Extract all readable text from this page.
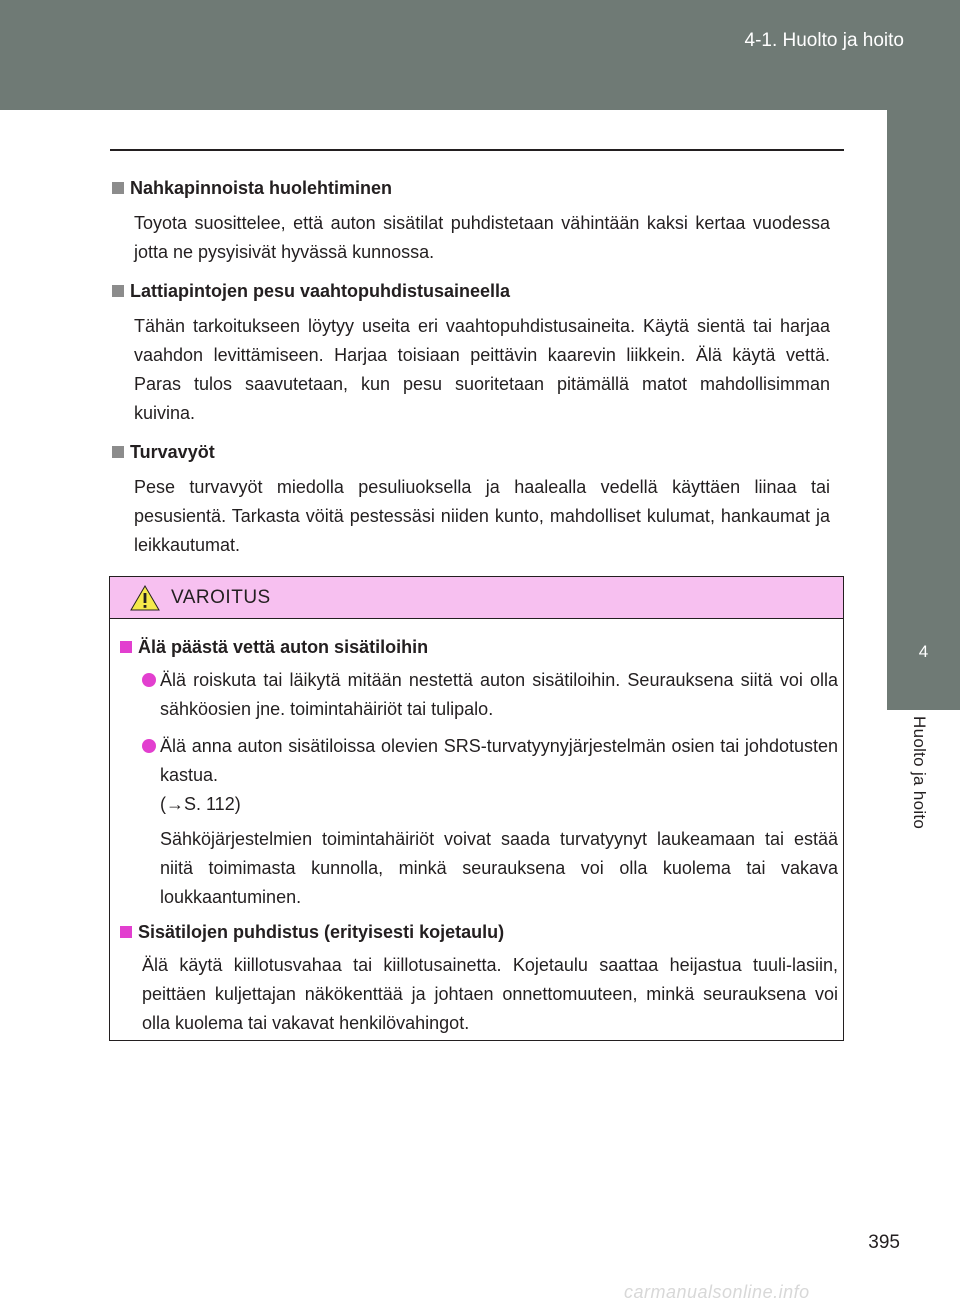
4-1. Huolto ja hoito
4
Huolto ja hoito
Nahkapinnoista huolehtiminen
Toyota suosittelee, että auton sisätilat puhdistetaan vähintään kaksi kertaa vuodessa jotta ne pysyisivät hyvässä kunnossa.
Lattiapintojen pesu vaahtopuhdistusaineella
Tähän tarkoitukseen löytyy useita eri vaahtopuhdistusaineita. Käytä sientä tai harjaa vaahdon levittämiseen. Harjaa toisiaan peittävin kaarevin liikkein. Älä käytä vettä. Paras tulos saavutetaan, kun pesu suoritetaan pitämällä matot mahdollisimman kuivina.
Turvavyöt
Pese turvavyöt miedolla pesuliuoksella ja haalealla vedellä käyttäen liinaa tai pesusientä. Tarkasta vöitä pestessäsi niiden kunto, mahdolliset kulumat, hankaumat ja leikkautumat.
VAROITUS
Älä päästä vettä auton sisätiloihin
Älä roiskuta tai läikytä mitään nestettä auton sisätiloihin. Seurauksena siitä voi olla sähköosien jne. toimintahäiriöt tai tulipalo.
Älä anna auton sisätiloissa olevien SRS-turvatyynyjärjestelmän osien tai johdotusten kastua.
(→S. 112)
Sähköjärjestelmien toimintahäiriöt voivat saada turvatyynyt laukeamaan tai estää niitä toimimasta kunnolla, minkä seurauksena voi olla kuolema tai vakava loukkaantuminen.
Sisätilojen puhdistus (erityisesti kojetaulu)
Älä käytä kiillotusvahaa tai kiillotusainetta. Kojetaulu saattaa heijastua tuuli-lasiin, peittäen kuljettajan näkökenttää ja johtaen onnettomuuteen, minkä seurauksena voi olla kuolema tai vakavat henkilövahingot.
395
carmanualsonline.info
